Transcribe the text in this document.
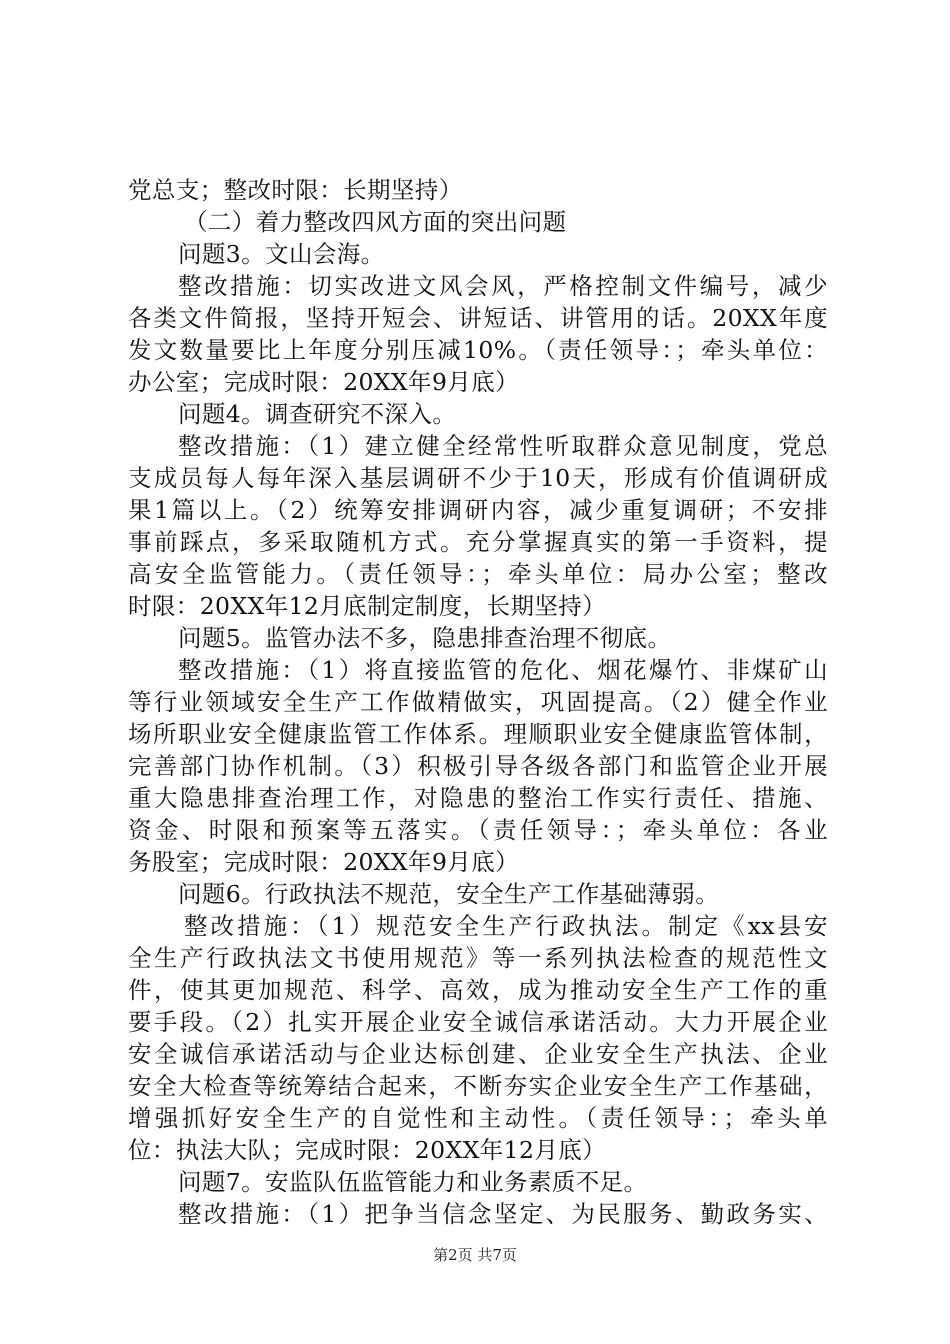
党总支；整改时限：长期坚持）
（二）着力整改四风方面的突出问题
问题3。文山会海。
整改措施：切实改进文风会风，严格控制文件编号，减少
各类文件简报，坚持开短会、讲短话、讲管用的话。20XX年度
发文数量要比上年度分别压减10%。（责任领导：；牵头单位：
办公室；完成时限：20XX年9月底）
问题4。调查研究不深入。
整改措施：（1）建立健全经常性听取群众意见制度，党总
支成员每人每年深入基层调研不少于10天，形成有价值调研成
果1篇以上。（2）统筹安排调研内容，减少重复调研；不安排
事前踩点，多采取随机方式。充分掌握真实的第一手资料，提
高安全监管能力。（责任领导：；牵头单位：局办公室；整改
时限：20XX年12月底制定制度，长期坚持）
问题5。监管办法不多，隐患排查治理不彻底。
整改措施：（1）将直接监管的危化、烟花爆竹、非煤矿山
等行业领域安全生产工作做精做实，巩固提高。（2）健全作业
场所职业安全健康监管工作体系。理顺职业安全健康监管体制，
完善部门协作机制。（3）积极引导各级各部门和监管企业开展
重大隐患排查治理工作，对隐患的整治工作实行责任、措施、
资金、时限和预案等五落实。（责任领导：；牵头单位：各业
务股室；完成时限：20XX年9月底）
问题6。行政执法不规范，安全生产工作基础薄弱。
整改措施：（1）规范安全生产行政执法。制定《xx县安
全生产行政执法文书使用规范》等一系列执法检查的规范性文
件，使其更加规范、科学、高效，成为推动安全生产工作的重
要手段。（2）扎实开展企业安全诚信承诺活动。大力开展企业
安全诚信承诺活动与企业达标创建、企业安全生产执法、企业
安全大检查等统筹结合起来，不断夯实企业安全生产工作基础，
增强抓好安全生产的自觉性和主动性。（责任领导：；牵头单
位：执法大队；完成时限：20XX年12月底）
问题7。安监队伍监管能力和业务素质不足。
整改措施：（1）把争当信念坚定、为民服务、勤政务实、
第2页 共7页
